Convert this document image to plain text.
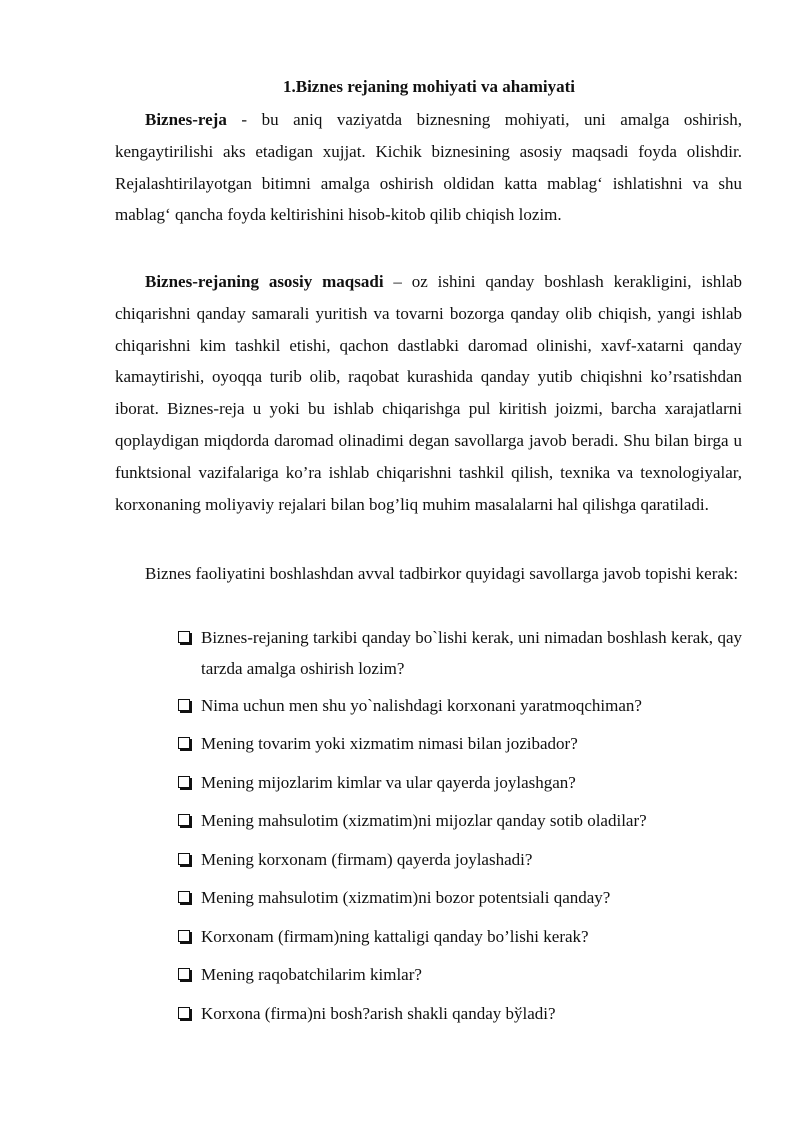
1.Biznes rejaning mohiyati va ahamiyati

Biznes-reja - bu aniq vaziyatda biznesning mohiyati, uni amalga oshirish, kengaytirilishi aks etadigan xujjat. Kichik biznesining asosiy maqsadi foyda olishdir. Rejalashtirilayotgan bitimni amalga oshirish oldidan katta mablag‘ ishlatishni va shu mablag‘ qancha foyda keltirishini hisob-kitob qilib chiqish lozim.

Biznes-rejaning asosiy maqsadi – oz ishini qanday boshlash kerakligini, ishlab chiqarishni qanday samarali yuritish va tovarni bozorga qanday olib chiqish, yangi ishlab chiqarishni kim tashkil etishi, qachon dastlabki daromad olinishi, xavf-xatarni qanday kamaytirishi, oyoqqa turib olib, raqobat kurashida qanday yutib chiqishni ko’rsatishdan iborat. Biznes-reja u yoki bu ishlab chiqarishga pul kiritish joizmi, barcha xarajatlarni qoplaydigan miqdorda daromad olinadimi degan savollarga javob beradi. Shu bilan birga u funktsional vazifalariga ko’ra ishlab chiqarishni tashkil qilish, texnika va texnologiyalar, korxonaning moliyaviy rejalari bilan bog’liq muhim masalalarni hal qilishga qaratiladi.

Biznes faoliyatini boshlashdan avval tadbirkor quyidagi savollarga javob topishi kerak:

Biznes-rejaning tarkibi qanday bo`lishi kerak, uni nimadan boshlash kerak, qay tarzda amalga oshirish lozim?
Nima uchun men shu yo`nalishdagi korxonani yaratmoqchiman?
Mening tovarim yoki xizmatim nimasi bilan jozibador?
Mening mijozlarim kimlar va ular qayerda joylashgan?
Mening mahsulotim (xizmatim)ni mijozlar qanday sotib oladilar?
Mening korxonam (firmam) qayerda joylashadi?
Mening mahsulotim (xizmatim)ni bozor potentsiali qanday?
Korxonam (firmam)ning kattaligi qanday bo’lishi kerak?
Mening raqobatchilarim kimlar?
Korxona (firma)ni bosh?arish shakli qanday bўladi?
